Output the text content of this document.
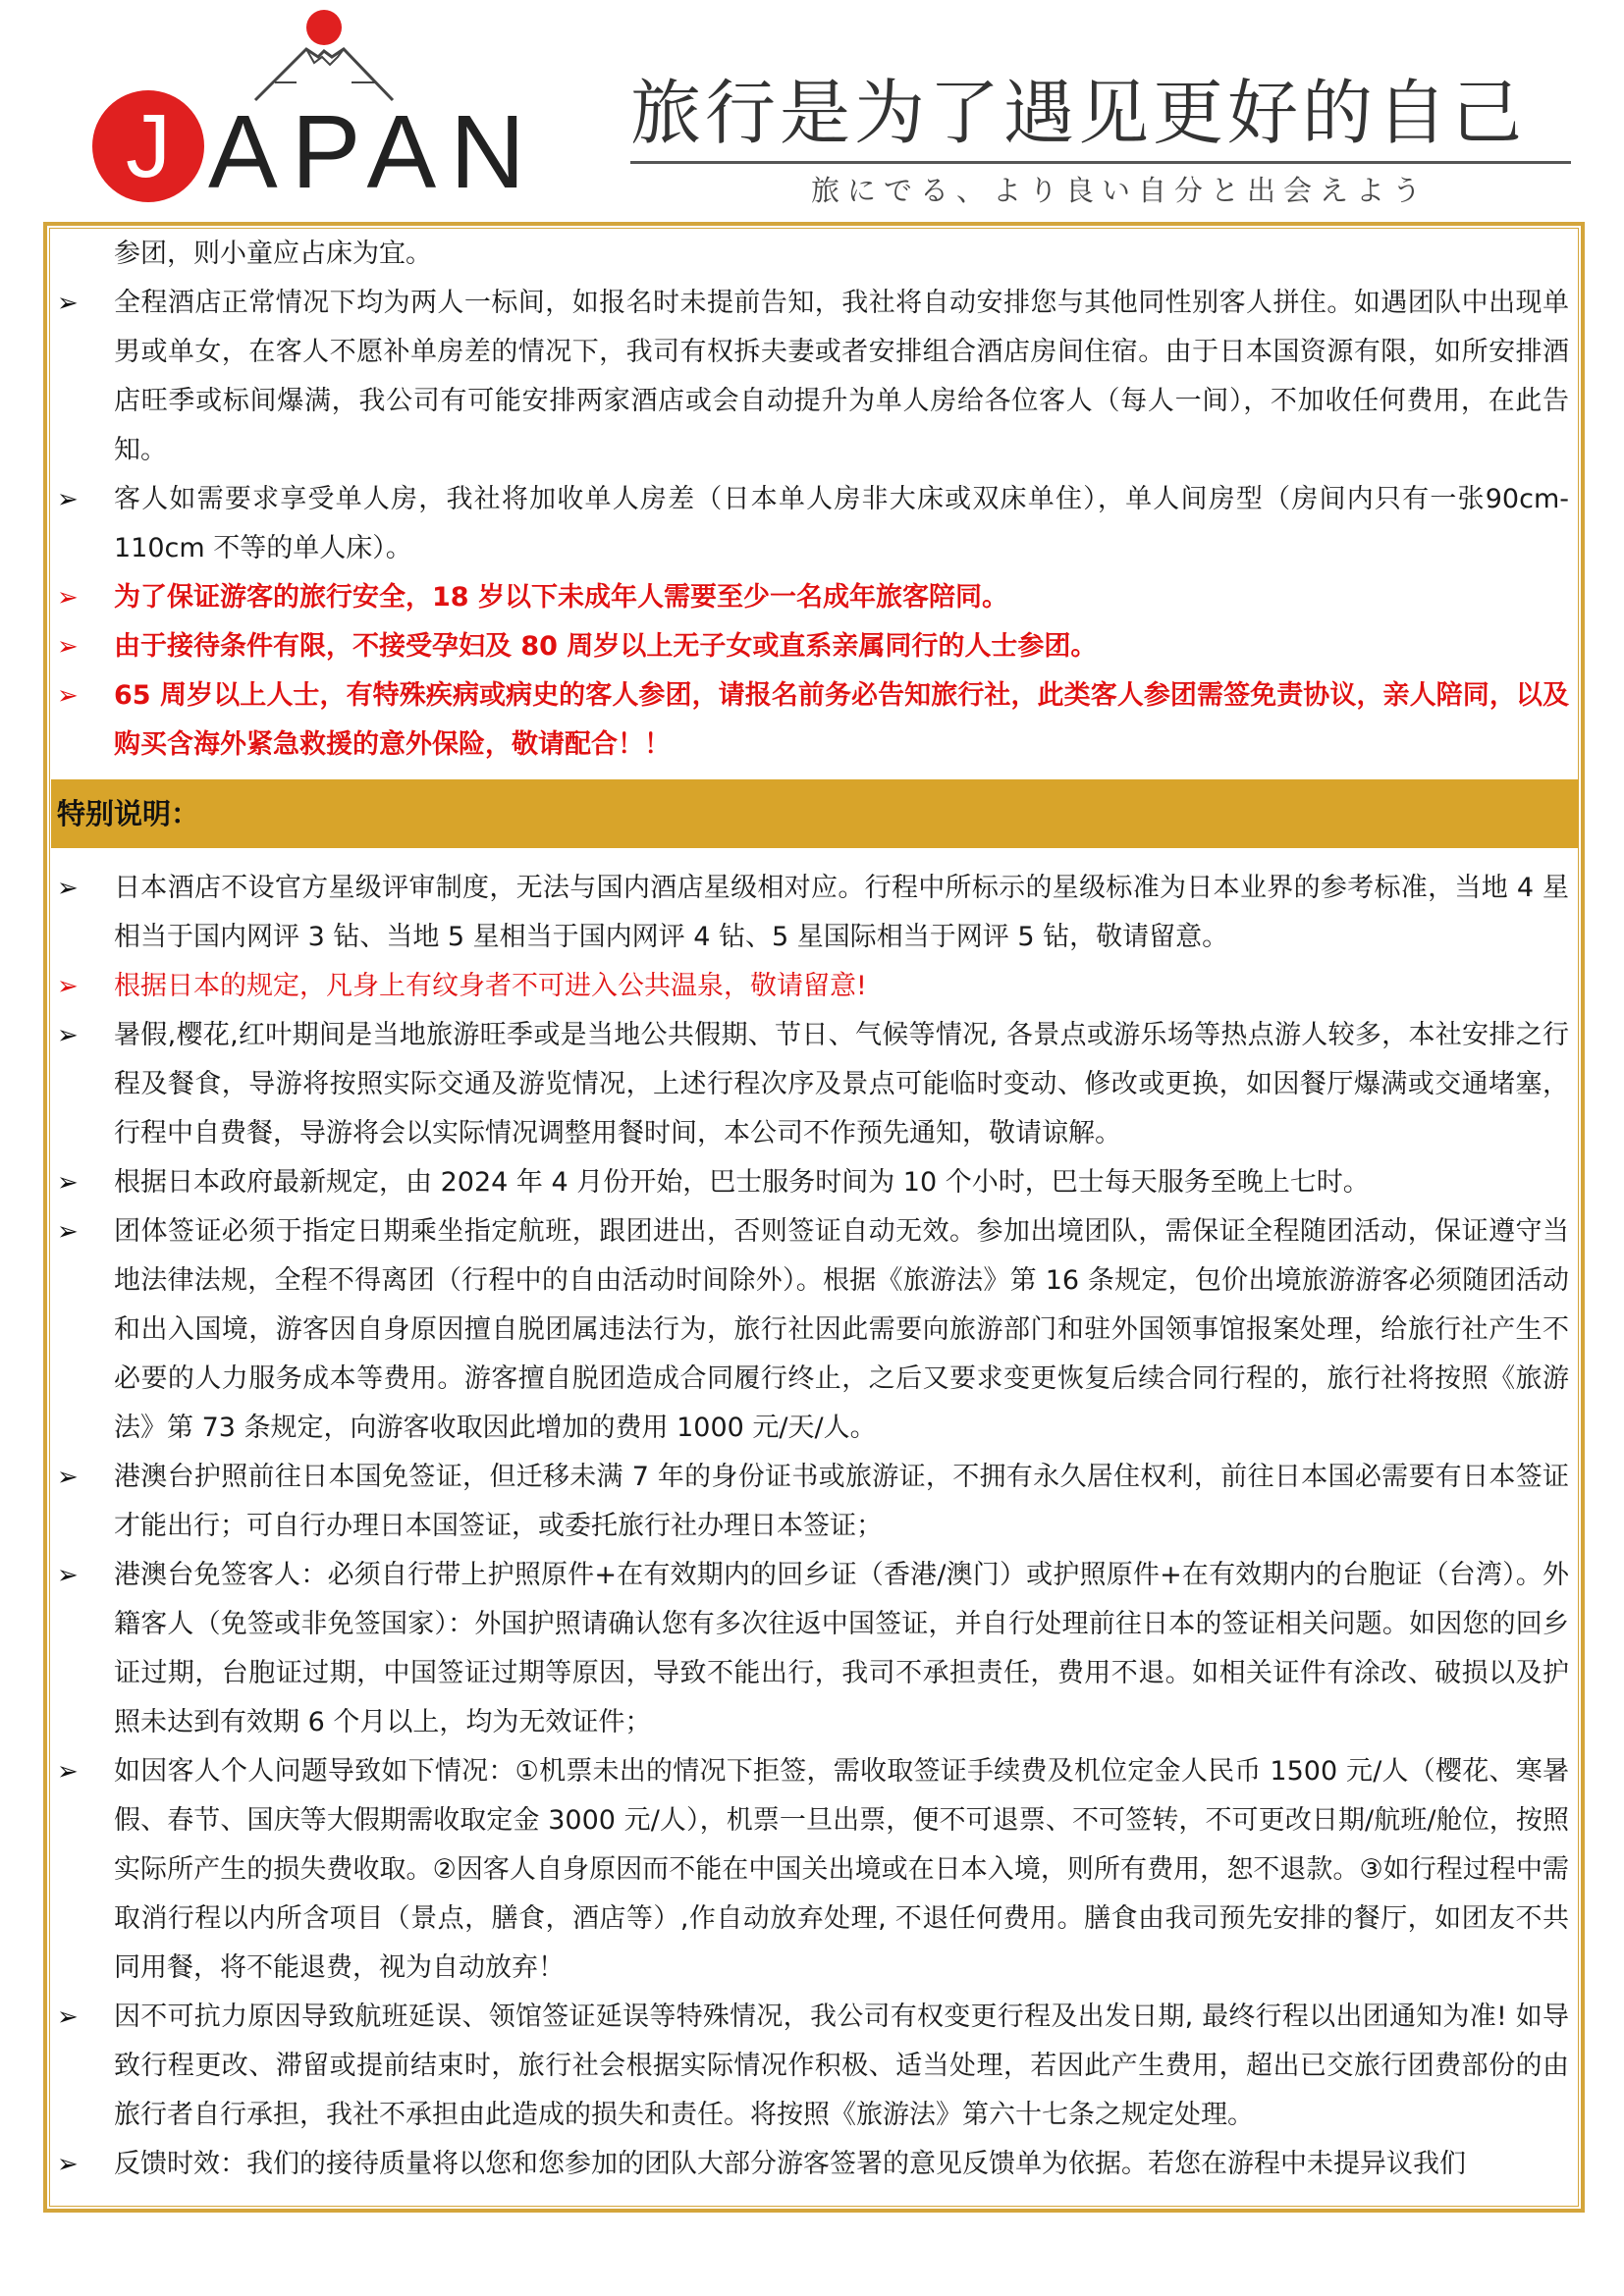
J APAN 旅行是为了遇见更好的自己
旅にでる、より良い自分と出会えよう
参团，则小童应占床为宜。
➢	全程酒店正常情况下均为两人一标间，如报名时未提前告知，我社将自动安排您与其他同性别客人拼住。如遇团队中出现单男或单女，在客人不愿补单房差的情况下，我司有权拆夫妻或者安排组合酒店房间住宿。由于日本国资源有限，如所安排酒店旺季或标间爆满，我公司有可能安排两家酒店或会自动提升为单人房给各位客人（每人一间），不加收任何费用，在此告知。
➢	客人如需要求享受单人房，我社将加收单人房差（日本单人房非大床或双床单住），单人间房型（房间内只有一张90cm-110cm 不等的单人床）。
➢	为了保证游客的旅行安全，18 岁以下未成年人需要至少一名成年旅客陪同。
➢	由于接待条件有限，不接受孕妇及 80 周岁以上无子女或直系亲属同行的人士参团。
➢	65 周岁以上人士，有特殊疾病或病史的客人参团，请报名前务必告知旅行社，此类客人参团需签免责协议，亲人陪同，以及购买含海外紧急救援的意外保险，敬请配合！！
特别说明：
➢	日本酒店不设官方星级评审制度，无法与国内酒店星级相对应。行程中所标示的星级标准为日本业界的参考标准，当地 4 星相当于国内网评 3 钻、当地 5 星相当于国内网评 4 钻、5 星国际相当于网评 5 钻，敬请留意。
➢	根据日本的规定，凡身上有纹身者不可进入公共温泉，敬请留意!
➢	暑假,樱花,红叶期间是当地旅游旺季或是当地公共假期、节日、气候等情况, 各景点或游乐场等热点游人较多，本社安排之行程及餐食，导游将按照实际交通及游览情况，上述行程次序及景点可能临时变动、修改或更换，如因餐厅爆满或交通堵塞，行程中自费餐，导游将会以实际情况调整用餐时间，本公司不作预先通知，敬请谅解。
➢	根据日本政府最新规定，由 2024 年 4 月份开始，巴士服务时间为 10 个小时，巴士每天服务至晚上七时。
➢	团体签证必须于指定日期乘坐指定航班，跟团进出，否则签证自动无效。参加出境团队，需保证全程随团活动，保证遵守当地法律法规，全程不得离团（行程中的自由活动时间除外）。根据《旅游法》第 16 条规定，包价出境旅游游客必须随团活动和出入国境，游客因自身原因擅自脱团属违法行为，旅行社因此需要向旅游部门和驻外国领事馆报案处理，给旅行社产生不必要的人力服务成本等费用。游客擅自脱团造成合同履行终止，之后又要求变更恢复后续合同行程的，旅行社将按照《旅游法》第 73 条规定，向游客收取因此增加的费用 1000 元/天/人。
➢	港澳台护照前往日本国免签证，但迁移未满 7 年的身份证书或旅游证，不拥有永久居住权利，前往日本国必需要有日本签证才能出行；可自行办理日本国签证，或委托旅行社办理日本签证；
➢	港澳台免签客人：必须自行带上护照原件+在有效期内的回乡证（香港/澳门）或护照原件+在有效期内的台胞证（台湾）。外籍客人（免签或非免签国家）：外国护照请确认您有多次往返中国签证，并自行处理前往日本的签证相关问题。如因您的回乡证过期，台胞证过期，中国签证过期等原因，导致不能出行，我司不承担责任，费用不退。如相关证件有涂改、破损以及护照未达到有效期 6 个月以上，均为无效证件；
➢	如因客人个人问题导致如下情况：①机票未出的情况下拒签，需收取签证手续费及机位定金人民币 1500 元/人（樱花、寒暑假、春节、国庆等大假期需收取定金 3000 元/人），机票一旦出票，便不可退票、不可签转，不可更改日期/航班/舱位，按照实际所产生的损失费收取。②因客人自身原因而不能在中国关出境或在日本入境，则所有费用，恕不退款。③如行程过程中需取消行程以内所含项目（景点，膳食，酒店等）,作自动放弃处理, 不退任何费用。膳食由我司预先安排的餐厅，如团友不共同用餐，将不能退费，视为自动放弃！
➢	因不可抗力原因导致航班延误、领馆签证延误等特殊情况，我公司有权变更行程及出发日期, 最终行程以出团通知为准! 如导致行程更改、滞留或提前结束时，旅行社会根据实际情况作积极、适当处理，若因此产生费用，超出已交旅行团费部份的由旅行者自行承担，我社不承担由此造成的损失和责任。将按照《旅游法》第六十七条之规定处理。
➢	反馈时效：我们的接待质量将以您和您参加的团队大部分游客签署的意见反馈单为依据。若您在游程中未提异议我们
